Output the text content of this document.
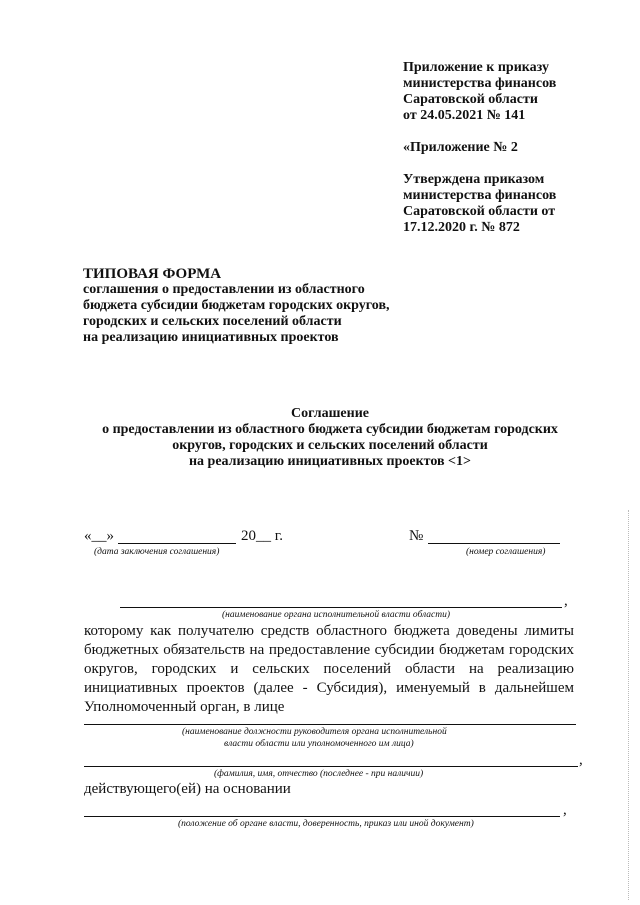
Приложение к приказу
министерства финансов
Саратовской области
от 24.05.2021 № 141
«Приложение № 2
Утверждена приказом
министерства финансов
Саратовской области от
17.12.2020 г. № 872
ТИПОВАЯ ФОРМА
соглашения о предоставлении из областного
бюджета субсидии бюджетам городских округов,
городских и сельских поселений области
на реализацию инициативных проектов
Соглашение
о предоставлении из областного бюджета субсидии бюджетам городских
округов, городских и сельских поселений области
на реализацию инициативных проектов <1>
«__»	20__ г.	№
(дата заключения соглашения)	(номер соглашения)
,
(наименование органа исполнительной власти области)
которому как получателю средств областного бюджета доведены лимиты
бюджетных обязательств на предоставление субсидии бюджетам городских
округов, городских и сельских поселений области на реализацию
инициативных проектов (далее - Субсидия), именуемый в дальнейшем
Уполномоченный орган, в лице
(наименование должности руководителя органа исполнительной
власти области или уполномоченного им лица)
,
(фамилия, имя, отчество (последнее - при наличии)
действующего(ей) на основании
,
(положение об органе власти, доверенность, приказ или иной документ)
